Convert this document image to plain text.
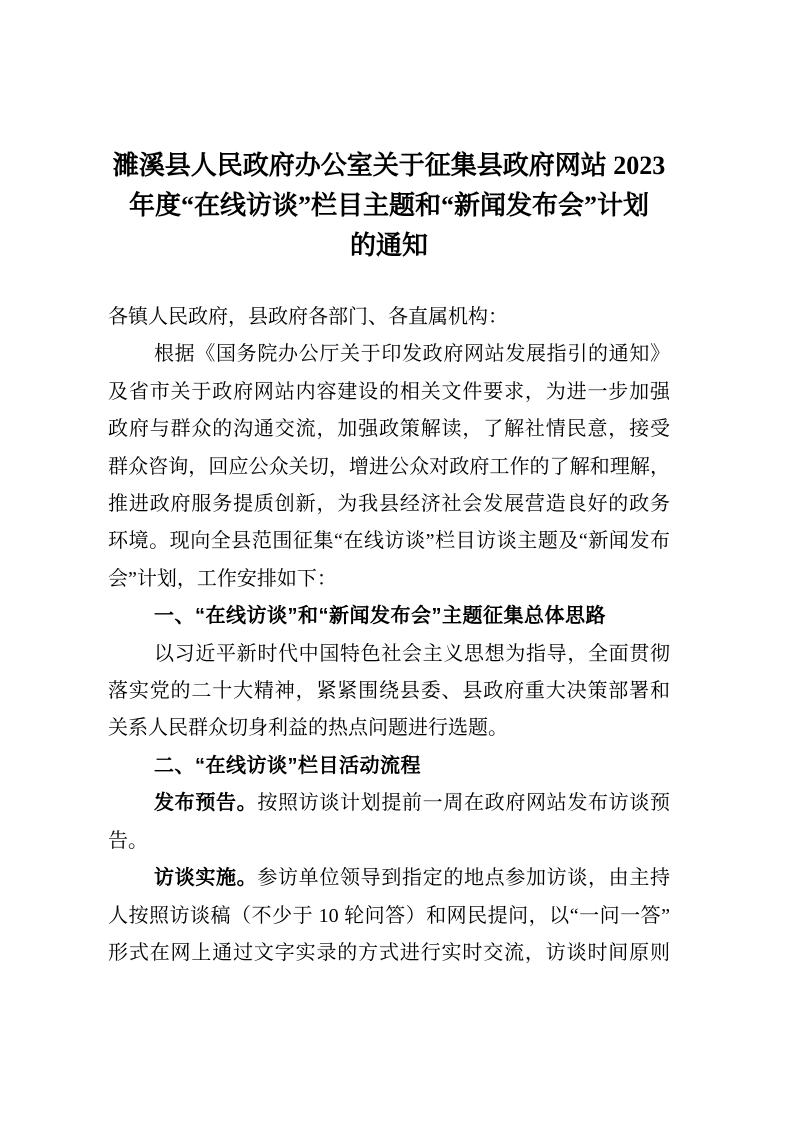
濉溪县人民政府办公室关于征集县政府网站 2023
年度“在线访谈”栏目主题和“新闻发布会”计划
的通知
各镇人民政府，县政府各部门、各直属机构：
根据《国务院办公厅关于印发政府网站发展指引的通知》
及省市关于政府网站内容建设的相关文件要求，为进一步加强
政府与群众的沟通交流，加强政策解读，了解社情民意，接受
群众咨询，回应公众关切，增进公众对政府工作的了解和理解，
推进政府服务提质创新，为我县经济社会发展营造良好的政务
环境。现向全县范围征集“在线访谈”栏目访谈主题及“新闻发布
会”计划，工作安排如下：
一、“在线访谈”和“新闻发布会”主题征集总体思路
以习近平新时代中国特色社会主义思想为指导，全面贯彻
落实党的二十大精神，紧紧围绕县委、县政府重大决策部署和
关系人民群众切身利益的热点问题进行选题。
二、“在线访谈”栏目活动流程
发布预告。按照访谈计划提前一周在政府网站发布访谈预
告。
访谈实施。参访单位领导到指定的地点参加访谈，由主持
人按照访谈稿（不少于 10 轮问答）和网民提问，以“一问一答”
形式在网上通过文字实录的方式进行实时交流，访谈时间原则
